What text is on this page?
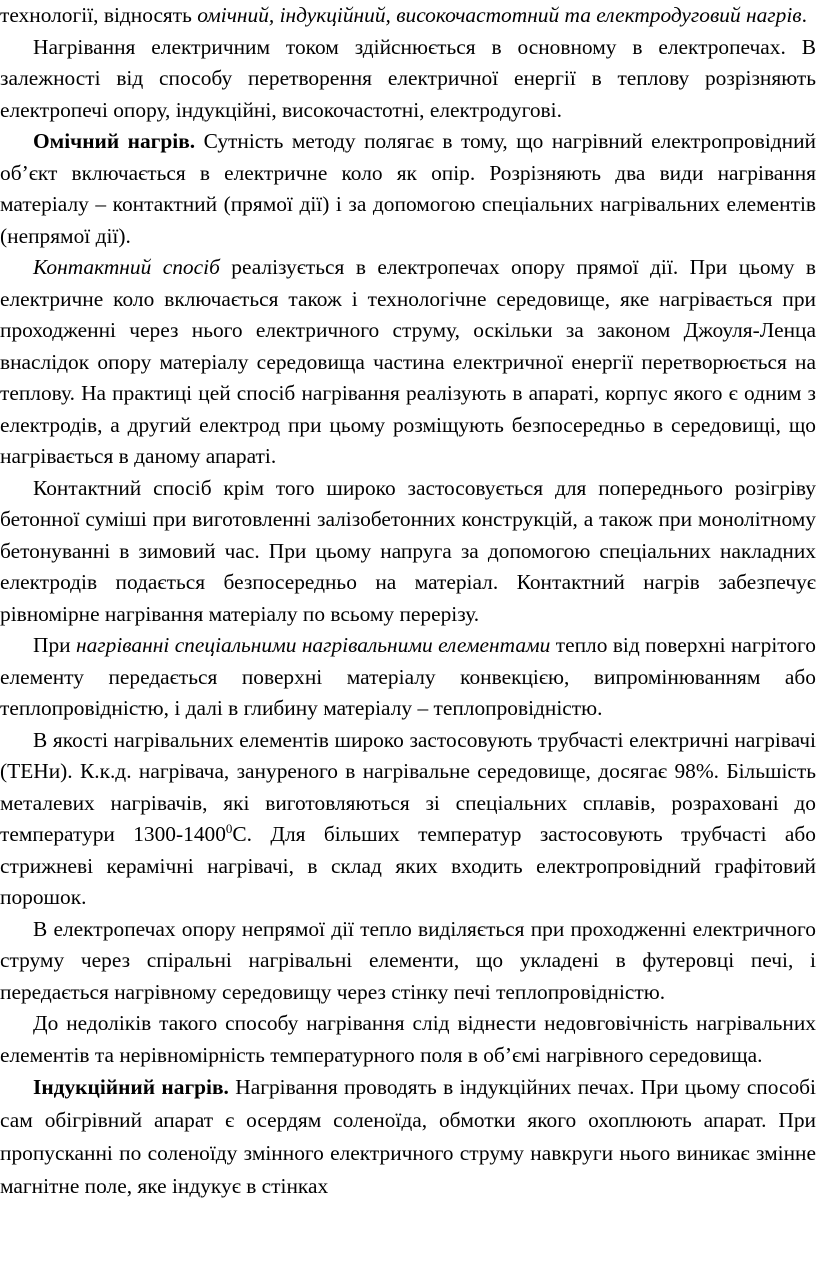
технології, відносять омічний, індукційний, високочастотний та електродуговий нагрів.

Нагрівання електричним током здійснюється в основному в електропечах. В залежності від способу перетворення електричної енергії в теплову розрізняють електропечі опору, індукційні, високочастотні, електродугові.

Омічний нагрів. Сутність методу полягає в тому, що нагрівний електропровідний об’єкт включається в електричне коло як опір. Розрізняють два види нагрівання матеріалу – контактний (прямої дії) і за допомогою спеціальних нагрівальних елементів (непрямої дії).

Контактний спосіб реалізується в електропечах опору прямої дії. При цьому в електричне коло включається також і технологічне середовище, яке нагрівається при проходженні через нього електричного струму, оскільки за законом Джоуля-Ленца внаслідок опору матеріалу середовища частина електричної енергії перетворюється на теплову. На практиці цей спосіб нагрівання реалізують в апараті, корпус якого є одним з електродів, а другий електрод при цьому розміщують безпосередньо в середовищі, що нагрівається в даному апараті.

Контактний спосіб крім того широко застосовується для попереднього розігріву бетонної суміші при виготовленні залізобетонних конструкцій, а також при монолітному бетонуванні в зимовий час. При цьому напруга за допомогою спеціальних накладних електродів подається безпосередньо на матеріал. Контактний нагрів забезпечує рівномірне нагрівання матеріалу по всьому перерізу.

При нагріванні спеціальними нагрівальними елементами тепло від поверхні нагрітого елементу передається поверхні матеріалу конвекцією, випромінюванням або теплопровідністю, і далі в глибину матеріалу – теплопровідністю.

В якості нагрівальних елементів широко застосовують трубчасті електричні нагрівачі (ТЕНи). К.к.д. нагрівача, зануреного в нагрівальне середовище, досягає 98%. Більшість металевих нагрівачів, які виготовляються зі спеціальних сплавів, розраховані до температури 1300-1400$^0$С. Для більших температур застосовують трубчасті або стрижневі керамічні нагрівачі, в склад яких входить електропровідний графітовий порошок.

В електропечах опору непрямої дії тепло виділяється при проходженні електричного струму через спіральні нагрівальні елементи, що укладені в футеровці печі, і передається нагрівному середовищу через стінку печі теплопровідністю.

До недоліків такого способу нагрівання слід віднести недовговічність нагрівальних елементів та нерівномірність температурного поля в об’ємі нагрівного середовища.

Індукційний нагрів. Нагрівання проводять в індукційних печах. При цьому способі сам обігрівний апарат є осердям соленоїда, обмотки якого охоплюють апарат. При пропусканні по соленоїду змінного електричного струму навкруги нього виникає змінне магнітне поле, яке індукує в стінках
